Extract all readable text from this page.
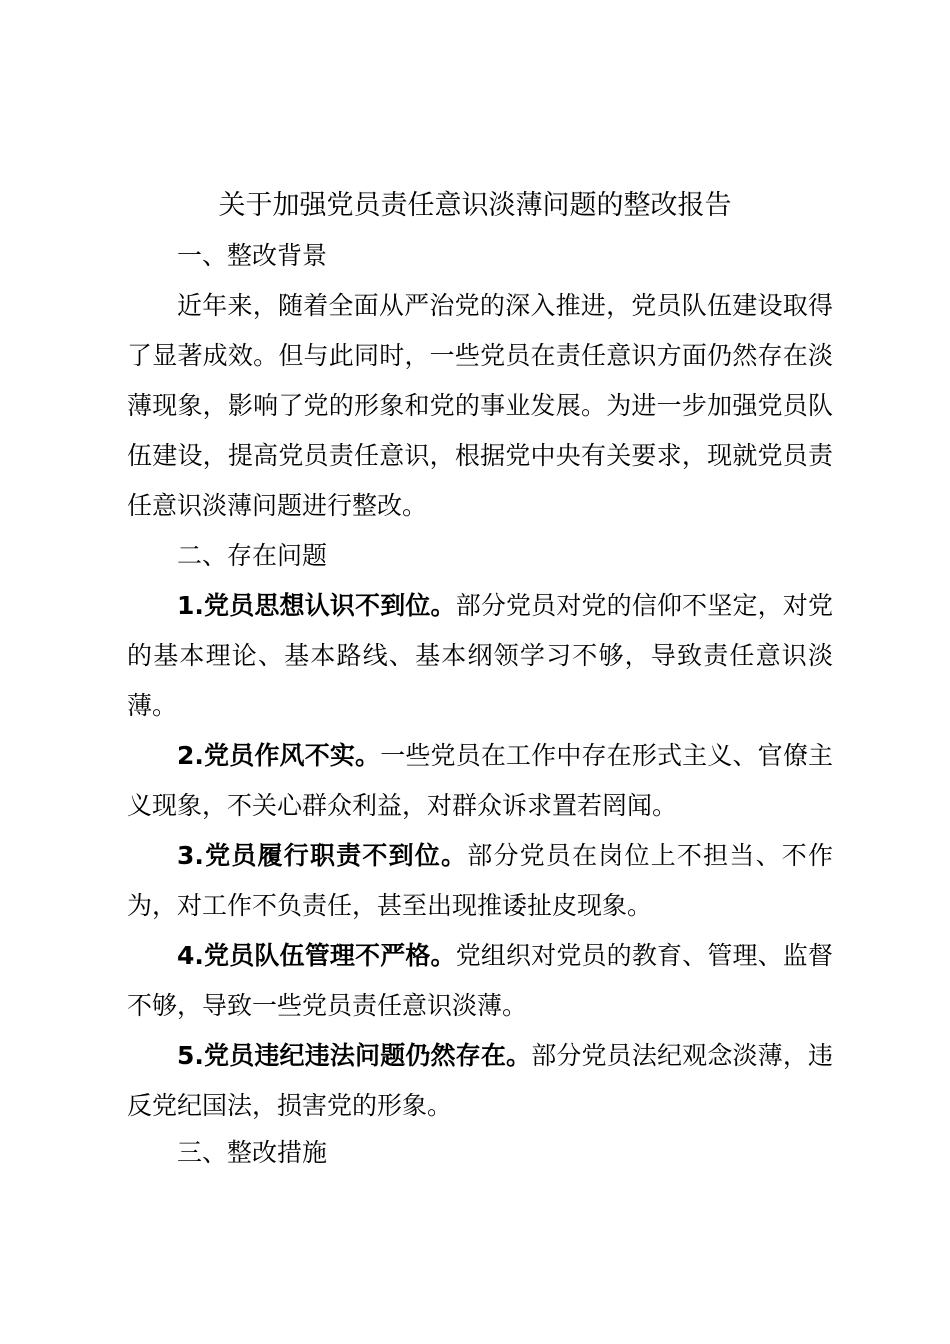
关于加强党员责任意识淡薄问题的整改报告
一、整改背景
近年来，随着全面从严治党的深入推进，党员队伍建设取得了显著成效。但与此同时，一些党员在责任意识方面仍然存在淡薄现象，影响了党的形象和党的事业发展。为进一步加强党员队伍建设，提高党员责任意识，根据党中央有关要求，现就党员责任意识淡薄问题进行整改。
二、存在问题
1.党员思想认识不到位。部分党员对党的信仰不坚定，对党的基本理论、基本路线、基本纲领学习不够，导致责任意识淡薄。
2.党员作风不实。一些党员在工作中存在形式主义、官僚主义现象，不关心群众利益，对群众诉求置若罔闻。
3.党员履行职责不到位。部分党员在岗位上不担当、不作为，对工作不负责任，甚至出现推诿扯皮现象。
4.党员队伍管理不严格。党组织对党员的教育、管理、监督不够，导致一些党员责任意识淡薄。
5.党员违纪违法问题仍然存在。部分党员法纪观念淡薄，违反党纪国法，损害党的形象。
三、整改措施
